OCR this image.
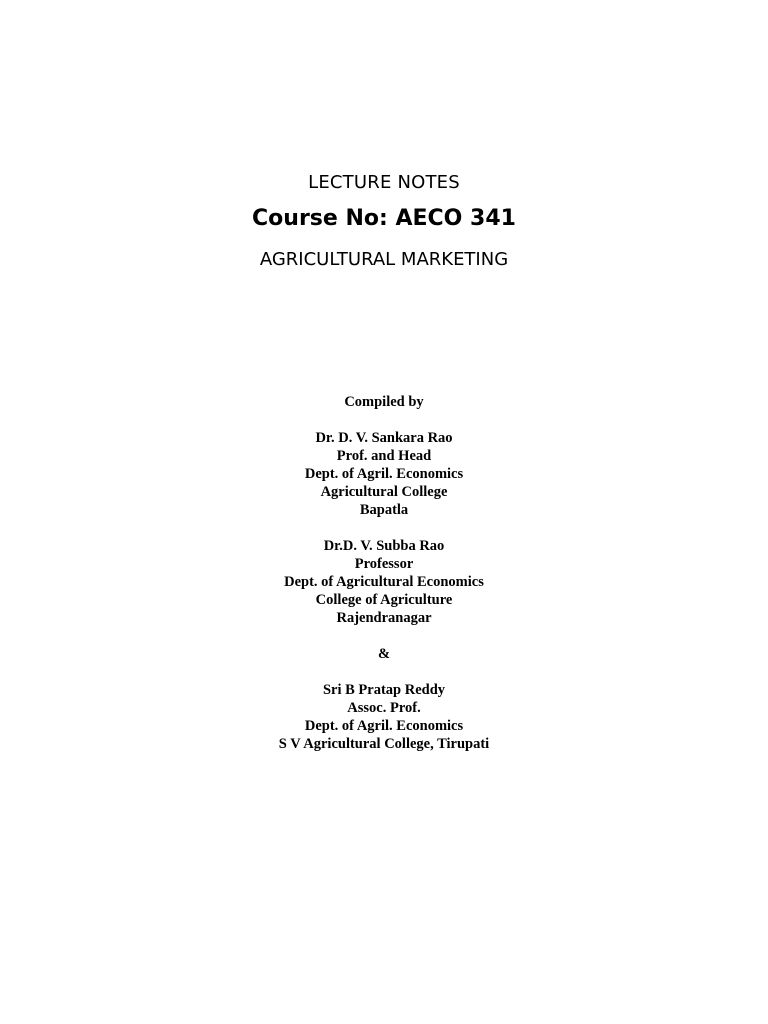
LECTURE NOTES
Course No: AECO 341
AGRICULTURAL MARKETING
Compiled by
Dr. D. V. Sankara Rao
Prof. and Head
Dept. of Agril. Economics
Agricultural College
Bapatla
Dr.D. V. Subba Rao
Professor
Dept. of Agricultural Economics
College of Agriculture
Rajendranagar
&
Sri B Pratap Reddy
Assoc. Prof.
Dept. of Agril. Economics
S V Agricultural College, Tirupati
